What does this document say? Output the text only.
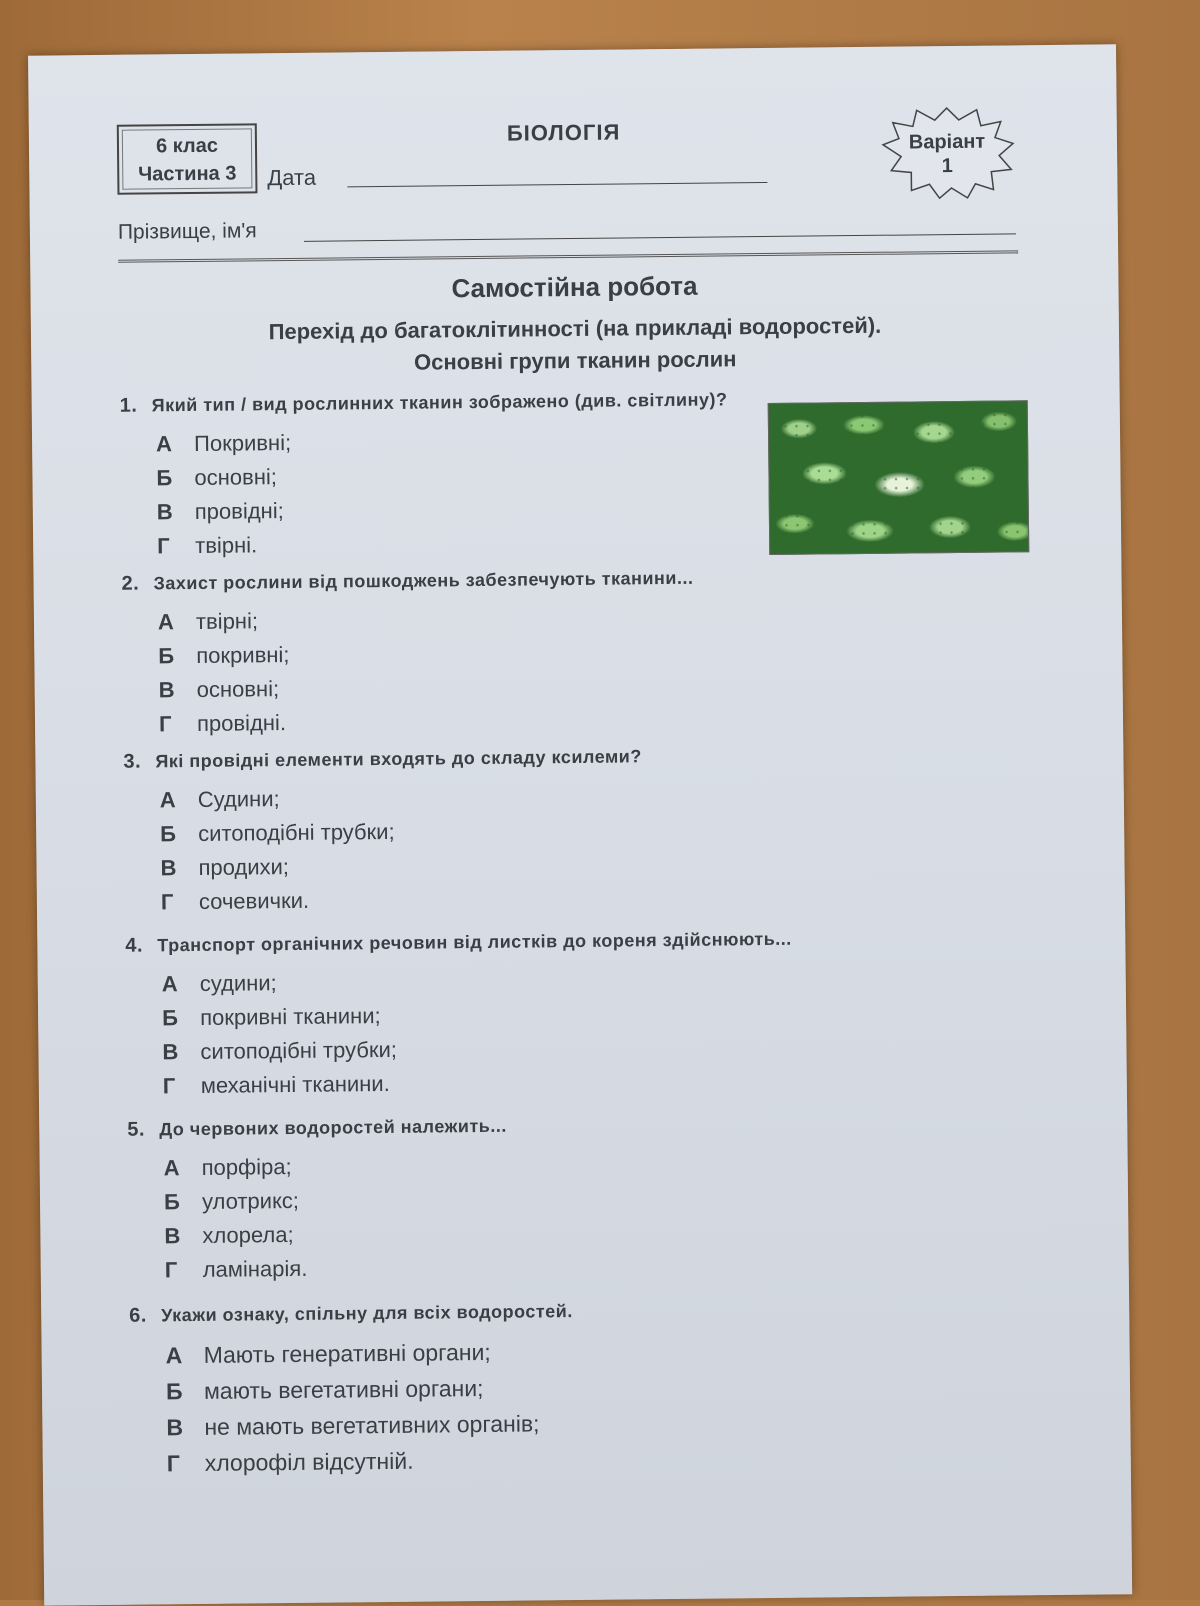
6 клас
Частина 3
БІОЛОГІЯ
Дата
Варіант
1
Прізвище, ім'я
Самостійна робота
Перехід до багатоклітинності (на прикладі водоростей).
Основні групи тканин рослин
1. Який тип / вид рослинних тканин зображено (див. світлину)?
А Покривні;
Б основні;
В провідні;
Г твірні.
2. Захист рослини від пошкоджень забезпечують тканини...
А твірні;
Б покривні;
В основні;
Г провідні.
3. Які провідні елементи входять до складу ксилеми?
А Судини;
Б ситоподібні трубки;
В продихи;
Г сочевички.
4. Транспорт органічних речовин від листків до кореня здійснюють...
А судини;
Б покривні тканини;
В ситоподібні трубки;
Г механічні тканини.
5. До червоних водоростей належить...
А порфіра;
Б улотрикс;
В хлорела;
Г ламінарія.
6. Укажи ознаку, спільну для всіх водоростей.
А Мають генеративні органи;
Б мають вегетативні органи;
В не мають вегетативних органів;
Г хлорофіл відсутній.
